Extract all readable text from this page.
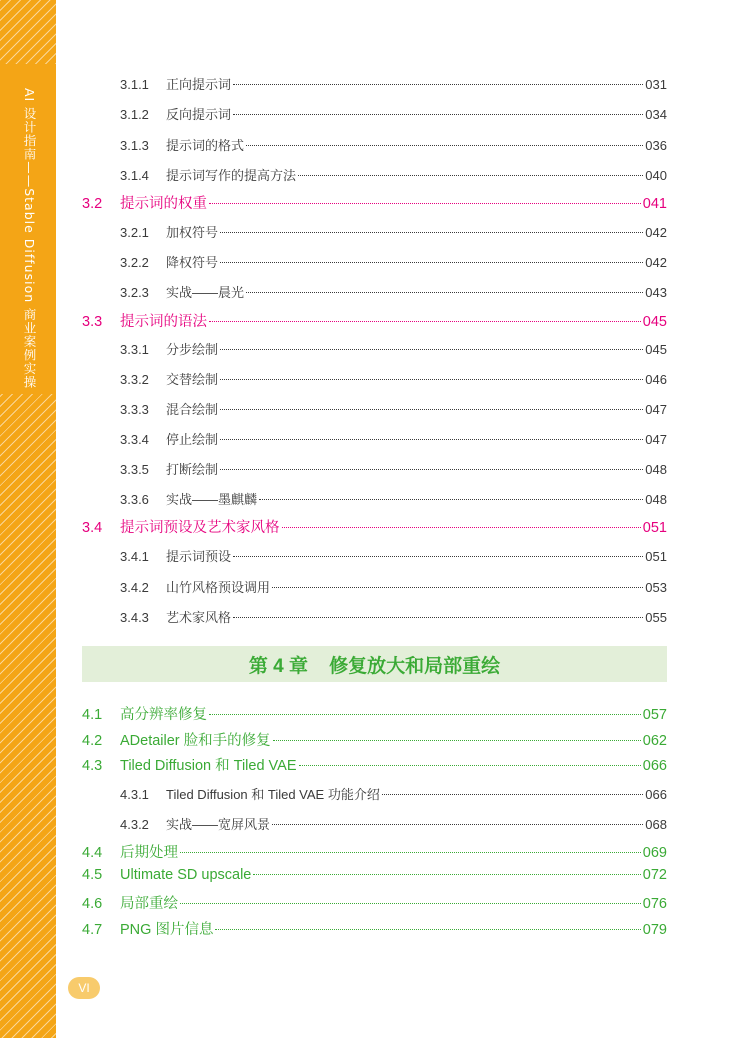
AI 设计指南——Stable Diffusion 商业案例实操
3.1.1	正向提示词	031
3.1.2	反向提示词	034
3.1.3	提示词的格式	036
3.1.4	提示词写作的提高方法	040
3.2	提示词的权重	041
3.2.1	加权符号	042
3.2.2	降权符号	042
3.2.3	实战——晨光	043
3.3	提示词的语法	045
3.3.1	分步绘制	045
3.3.2	交替绘制	046
3.3.3	混合绘制	047
3.3.4	停止绘制	047
3.3.5	打断绘制	048
3.3.6	实战——墨麒麟	048
3.4	提示词预设及艺术家风格	051
3.4.1	提示词预设	051
3.4.2	山竹风格预设调用	053
3.4.3	艺术家风格	055
第 4 章
修复放大和局部重绘
4.1	高分辨率修复	057
4.2	ADetailer 脸和手的修复	062
4.3	Tiled Diffusion 和 Tiled VAE	066
4.3.1	Tiled Diffusion 和 Tiled VAE 功能介绍	066
4.3.2	实战——宽屏风景	068
4.4	后期处理	069
4.5	Ultimate SD upscale	072
4.6	局部重绘	076
4.7	PNG 图片信息	079
VI
